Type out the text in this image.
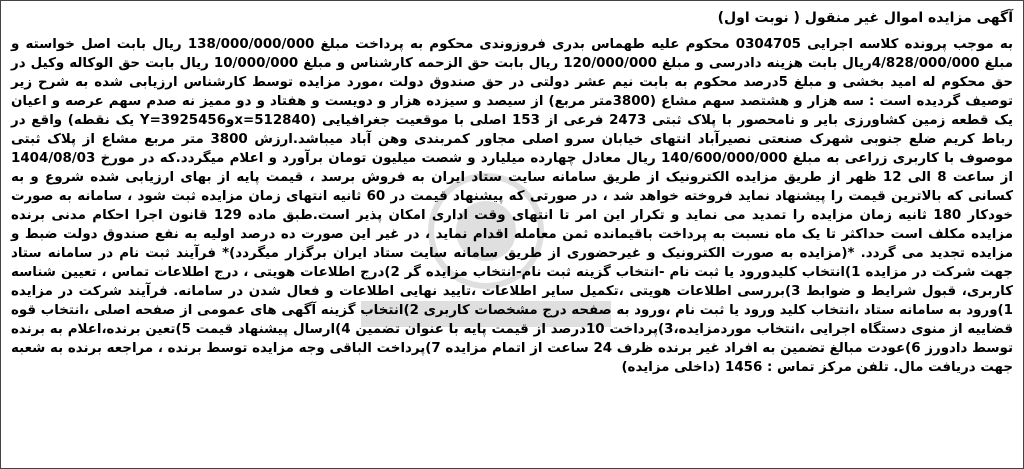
آگهی مزایده اموال غیر منقول ( نوبت اول)

به موجب پرونده کلاسه اجرایی 0304705 محکوم علیه طهماس بدری فروزوندی محکوم به پرداخت مبلغ 138/000/000/000 ریال بابت اصل خواسته و مبلغ 4/828/000/000ریال بابت هزینه دادرسی و مبلغ 120/000/000 ریال بابت حق الزحمه کارشناس و مبلغ 10/000/000 ریال بابت حق الوکاله وکیل در حق محکوم له امید بخشی و مبلغ 5درصد محکوم به بابت نیم عشر دولتی در حق صندوق دولت ،مورد مزایده توسط کارشناس ارزیابی شده به شرح زیر توصیف گردیده است : سه هزار و هشتصد سهم مشاع (3800متر مربع) از سیصد و سیزده هزار و دویست و هفتاد و دو ممیز نه صدم سهم عرصه و اعیان یک قطعه زمین کشاورزی بایر و نامحصور با پلاک ثبتی 2473 فرعی از 153 اصلی با موقعیت جغرافیایی (x=512840وY=3925456 یک نقطه) واقع در رباط کریم ضلع جنوبی شهرک صنعتی نصیرآباد انتهای خیابان سرو اصلی مجاور کمربندی وهن آباد میباشد.ارزش 3800 متر مربع مشاع از پلاک ثبتی موصوف با کاربری زراعی به مبلغ 140/600/000/000 ریال معادل چهارده میلیارد و شصت میلیون تومان برآورد و اعلام میگردد.که در مورخ 1404/08/03 از ساعت 8 الی 12 ظهر از طریق مزایده الکترونیک از طریق سامانه سایت ستاد ایران به فروش برسد ، قیمت پایه از بهای ارزیابی شده شروع و به کسانی که بالاترین قیمت را پیشنهاد نماید فروخته خواهد شد ، در صورتی که پیشنهاد قیمت در 60 ثانیه انتهای زمان مزایده ثبت شود ، سامانه به صورت خودکار 180 ثانیه زمان مزایده را تمدید می نماید و تکرار این امر تا انتهای وقت اداری امکان پذیر است.طبق ماده 129 قانون اجرا احکام مدنی برنده مزایده مکلف است حداکثر تا یک ماه نسبت به پرداخت باقیمانده ثمن معامله اقدام نماید ، در غیر این صورت ده درصد اولیه به نفع صندوق دولت ضبط و مزایده تجدید می گردد. *(مزایده به صورت الکترونیک و غیرحضوری از طریق سامانه سایت ستاد ایران برگزار میگردد)* فرآیند ثبت نام در سامانه ستاد جهت شرکت در مزایده 1)انتخاب کلیدورود یا ثبت نام -انتخاب گزینه ثبت نام-انتخاب مزایده گر 2)درج اطلاعات هویتی ، درج اطلاعات تماس ، تعیین شناسه کاربری، قبول شرایط و ضوابط 3)بررسی اطلاعات هویتی ،تکمیل سایر اطلاعات ،تایید نهایی اطلاعات و فعال شدن در سامانه. فرآیند شرکت در مزایده 1)ورود به سامانه ستاد ،انتخاب کلید ورود یا ثبت نام ،ورود به صفحه درج مشخصات کاربری 2)انتخاب گزینه آگهی های عمومی از صفحه اصلی ،انتخاب قوه قضاییه از منوی دستگاه اجرایی ،انتخاب موردمزایده،3)پرداخت 10درصد از قیمت پایه با عنوان تضمین 4)ارسال پیشنهاد قیمت 5)تعین برنده،اعلام به برنده توسط دادورز 6)عودت مبالغ تضمین به افراد غیر برنده ظرف 24 ساعت از اتمام مزایده 7)پرداخت الباقی وجه مزایده توسط برنده ، مراجعه برنده به شعبه جهت دریافت مال. تلفن مرکز تماس : 1456 (داخلی مزایده)
